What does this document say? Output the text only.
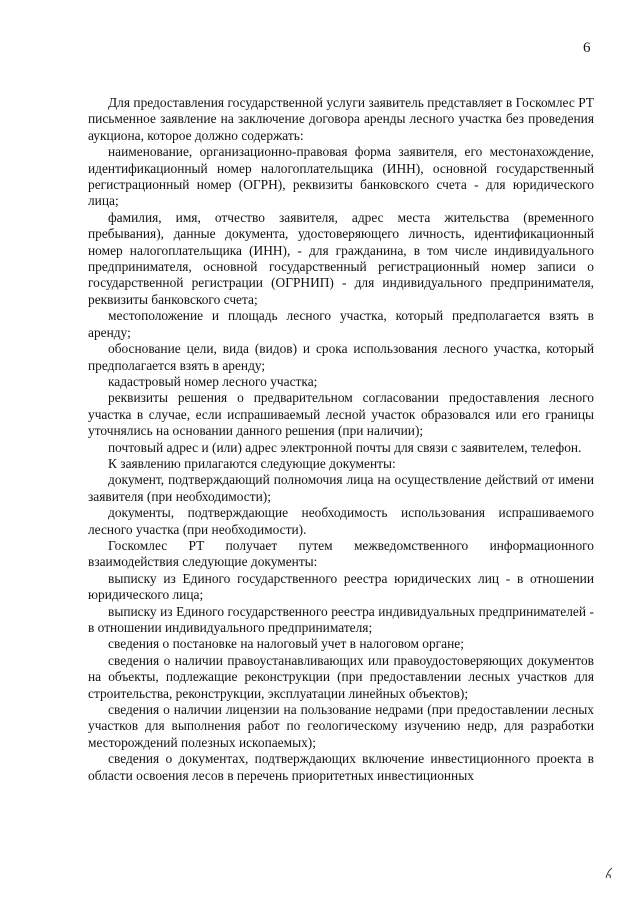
6

Для предоставления государственной услуги заявитель представляет в Госкомлес РТ письменное заявление на заключение договора аренды лесного участка без проведения аукциона, которое должно содержать:

наименование, организационно-правовая форма заявителя, его местонахождение, идентификационный номер налогоплательщика (ИНН), основной государственный регистрационный номер (ОГРН), реквизиты банковского счета - для юридического лица;

фамилия, имя, отчество заявителя, адрес места жительства (временного пребывания), данные документа, удостоверяющего личность, идентификационный номер налогоплательщика (ИНН), - для гражданина, в том числе индивидуального предпринимателя, основной государственный регистрационный номер записи о государственной регистрации (ОГРНИП) - для индивидуального предпринимателя, реквизиты банковского счета;

местоположение и площадь лесного участка, который предполагается взять в аренду;

обоснование цели, вида (видов) и срока использования лесного участка, который предполагается взять в аренду;

кадастровый номер лесного участка;

реквизиты решения о предварительном согласовании предоставления лесного участка в случае, если испрашиваемый лесной участок образовался или его границы уточнялись на основании данного решения (при наличии);

почтовый адрес и (или) адрес электронной почты для связи с заявителем, телефон.

К заявлению прилагаются следующие документы:

документ, подтверждающий полномочия лица на осуществление действий от имени заявителя (при необходимости);

документы, подтверждающие необходимость использования испрашиваемого лесного участка (при необходимости).

Госкомлес РТ получает путем межведомственного информационного взаимодействия следующие документы:

выписку из Единого государственного реестра юридических лиц - в отношении юридического лица;

выписку из Единого государственного реестра индивидуальных предпринимателей - в отношении индивидуального предпринимателя;

сведения о постановке на налоговый учет в налоговом органе;

сведения о наличии правоустанавливающих или правоудостоверяющих документов на объекты, подлежащие реконструкции (при предоставлении лесных участков для строительства, реконструкции, эксплуатации линейных объектов);

сведения о наличии лицензии на пользование недрами (при предоставлении лесных участков для выполнения работ по геологическому изучению недр, для разработки месторождений полезных ископаемых);

сведения о документах, подтверждающих включение инвестиционного проекта в области освоения лесов в перечень приоритетных инвестиционных
